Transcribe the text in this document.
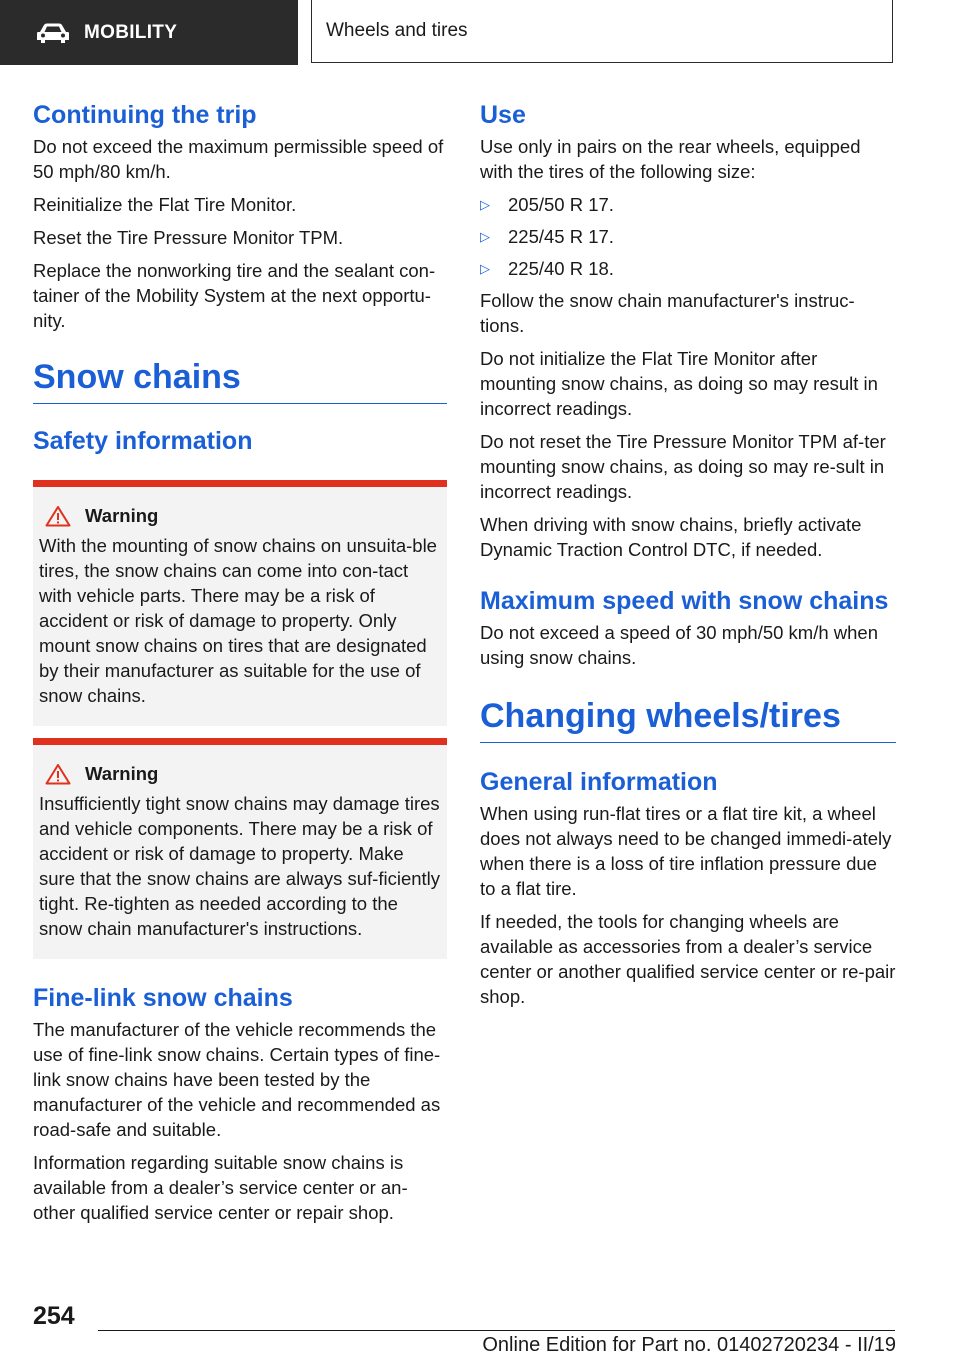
MOBILITY	Wheels and tires
Continuing the trip

Do not exceed the maximum permissible speed of 50 mph/80 km/h.

Reinitialize the Flat Tire Monitor.

Reset the Tire Pressure Monitor TPM.

Replace the nonworking tire and the sealant con-tainer of the Mobility System at the next opportu-nity.

Snow chains
Safety information
Warning

With the mounting of snow chains on unsuita-ble tires, the snow chains can come into con-tact with vehicle parts. There may be a risk of accident or risk of damage to property. Only mount snow chains on tires that are designated by their manufacturer as suitable for the use of snow chains.

Warning

Insufficiently tight snow chains may damage tires and vehicle components. There may be a risk of accident or risk of damage to property. Make sure that the snow chains are always suf-ficiently tight. Re-tighten as needed according to the snow chain manufacturer's instructions.

Fine-link snow chains

The manufacturer of the vehicle recommends the use of fine-link snow chains. Certain types of fine-link snow chains have been tested by the manufacturer of the vehicle and recommended as road-safe and suitable.

Information regarding suitable snow chains is available from a dealer’s service center or an-other qualified service center or repair shop.

Use

Use only in pairs on the rear wheels, equipped with the tires of the following size:

▷ 205/50 R 17.
▷ 225/45 R 17.
▷ 225/40 R 18.

Follow the snow chain manufacturer's instruc-tions.

Do not initialize the Flat Tire Monitor after mounting snow chains, as doing so may result in incorrect readings.

Do not reset the Tire Pressure Monitor TPM af-ter mounting snow chains, as doing so may re-sult in incorrect readings.

When driving with snow chains, briefly activate Dynamic Traction Control DTC, if needed.

Maximum speed with snow chains

Do not exceed a speed of 30 mph/50 km/h when using snow chains.

Changing wheels/tires
General information

When using run-flat tires or a flat tire kit, a wheel does not always need to be changed immedi-ately when there is a loss of tire inflation pressure due to a flat tire.

If needed, the tools for changing wheels are available as accessories from a dealer’s service center or another qualified service center or re-pair shop.

254
Online Edition for Part no. 01402720234 - II/19
